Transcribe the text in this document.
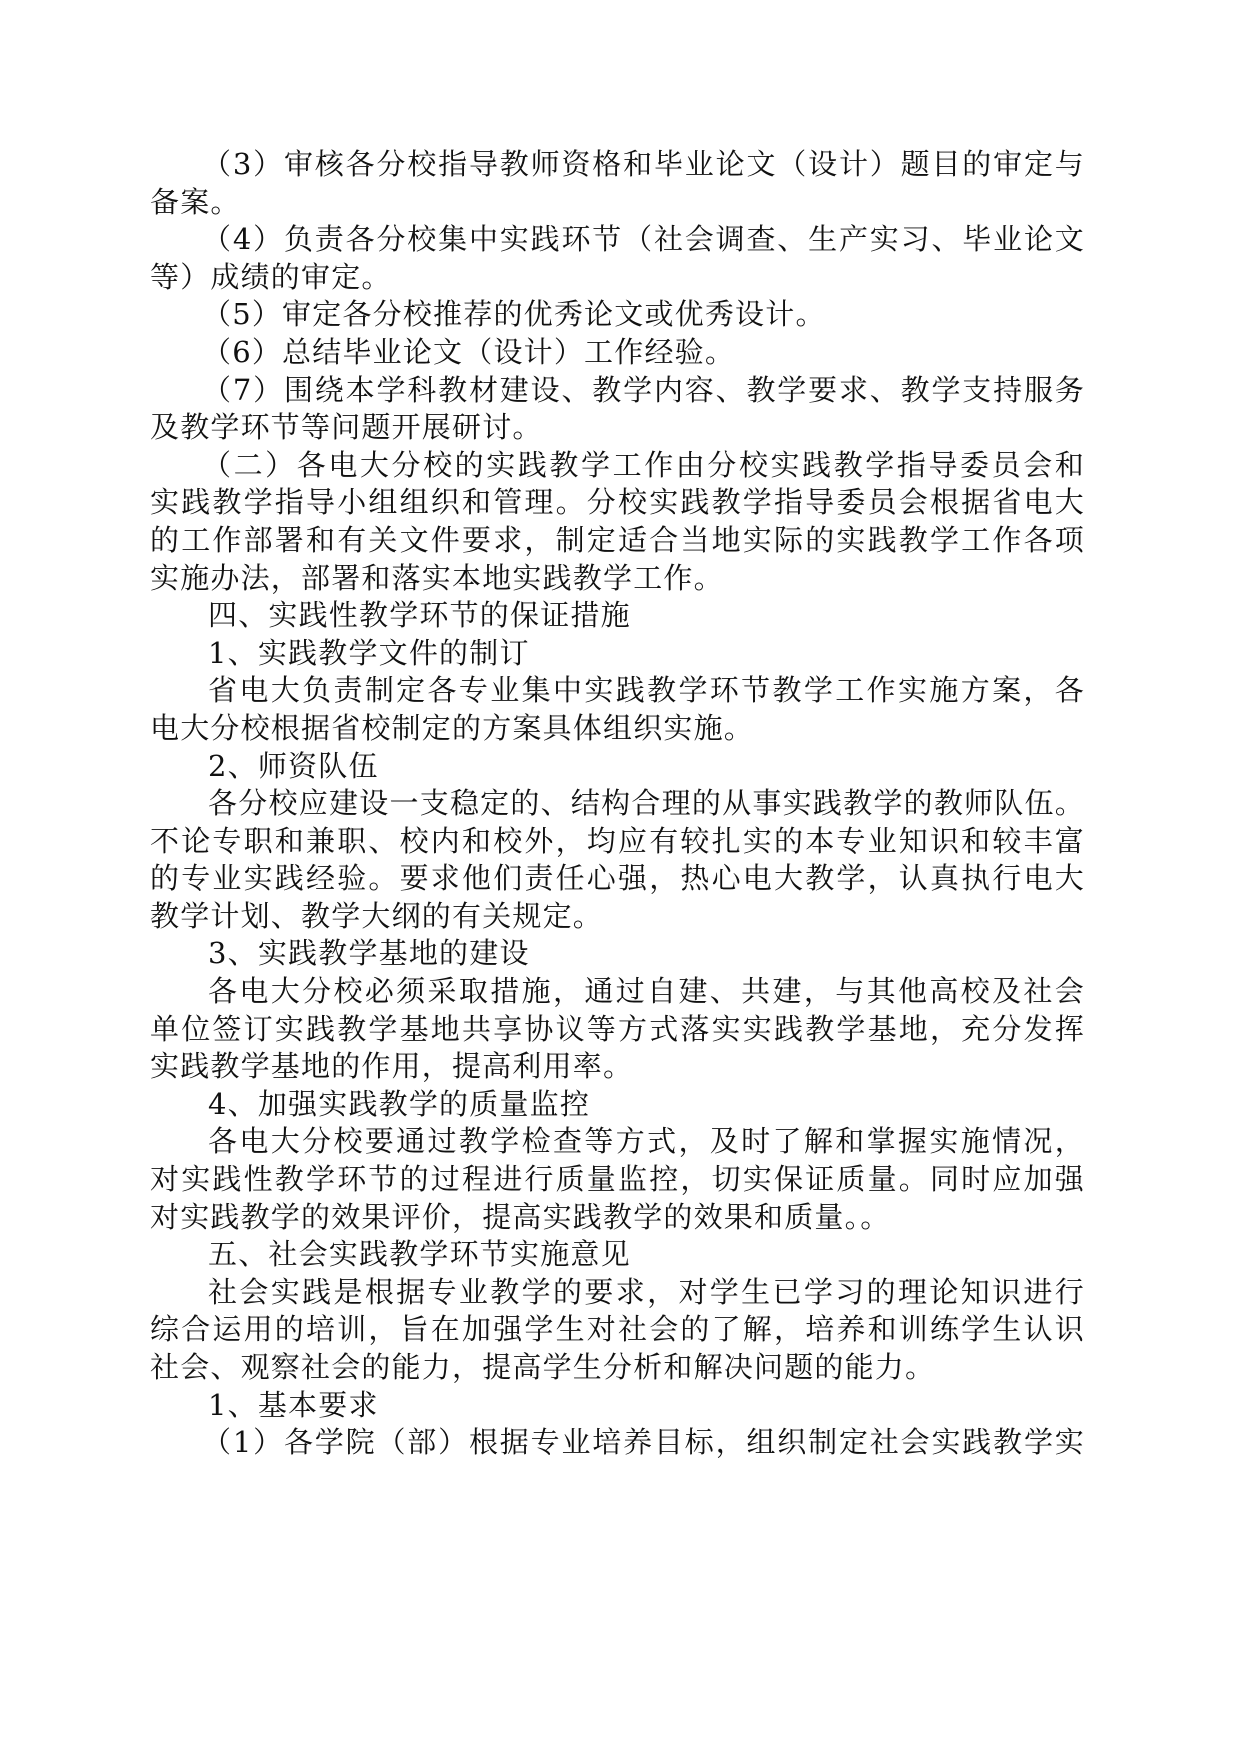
（3）审核各分校指导教师资格和毕业论文（设计）题目的审定与
备案。
（4）负责各分校集中实践环节（社会调查、生产实习、毕业论文
等）成绩的审定。
（5）审定各分校推荐的优秀论文或优秀设计。
（6）总结毕业论文（设计）工作经验。
（7）围绕本学科教材建设、教学内容、教学要求、教学支持服务
及教学环节等问题开展研讨。
（二）各电大分校的实践教学工作由分校实践教学指导委员会和
实践教学指导小组组织和管理。分校实践教学指导委员会根据省电大
的工作部署和有关文件要求，制定适合当地实际的实践教学工作各项
实施办法，部署和落实本地实践教学工作。
四、实践性教学环节的保证措施
1、实践教学文件的制订
省电大负责制定各专业集中实践教学环节教学工作实施方案，各
电大分校根据省校制定的方案具体组织实施。
2、师资队伍
各分校应建设一支稳定的、结构合理的从事实践教学的教师队伍。
不论专职和兼职、校内和校外，均应有较扎实的本专业知识和较丰富
的专业实践经验。要求他们责任心强，热心电大教学，认真执行电大
教学计划、教学大纲的有关规定。
3、实践教学基地的建设
各电大分校必须采取措施，通过自建、共建，与其他高校及社会
单位签订实践教学基地共享协议等方式落实实践教学基地，充分发挥
实践教学基地的作用，提高利用率。
4、加强实践教学的质量监控
各电大分校要通过教学检查等方式，及时了解和掌握实施情况，
对实践性教学环节的过程进行质量监控，切实保证质量。同时应加强
对实践教学的效果评价，提高实践教学的效果和质量。。
五、社会实践教学环节实施意见
社会实践是根据专业教学的要求，对学生已学习的理论知识进行
综合运用的培训，旨在加强学生对社会的了解，培养和训练学生认识
社会、观察社会的能力，提高学生分析和解决问题的能力。
1、基本要求
（1）各学院（部）根据专业培养目标，组织制定社会实践教学实
